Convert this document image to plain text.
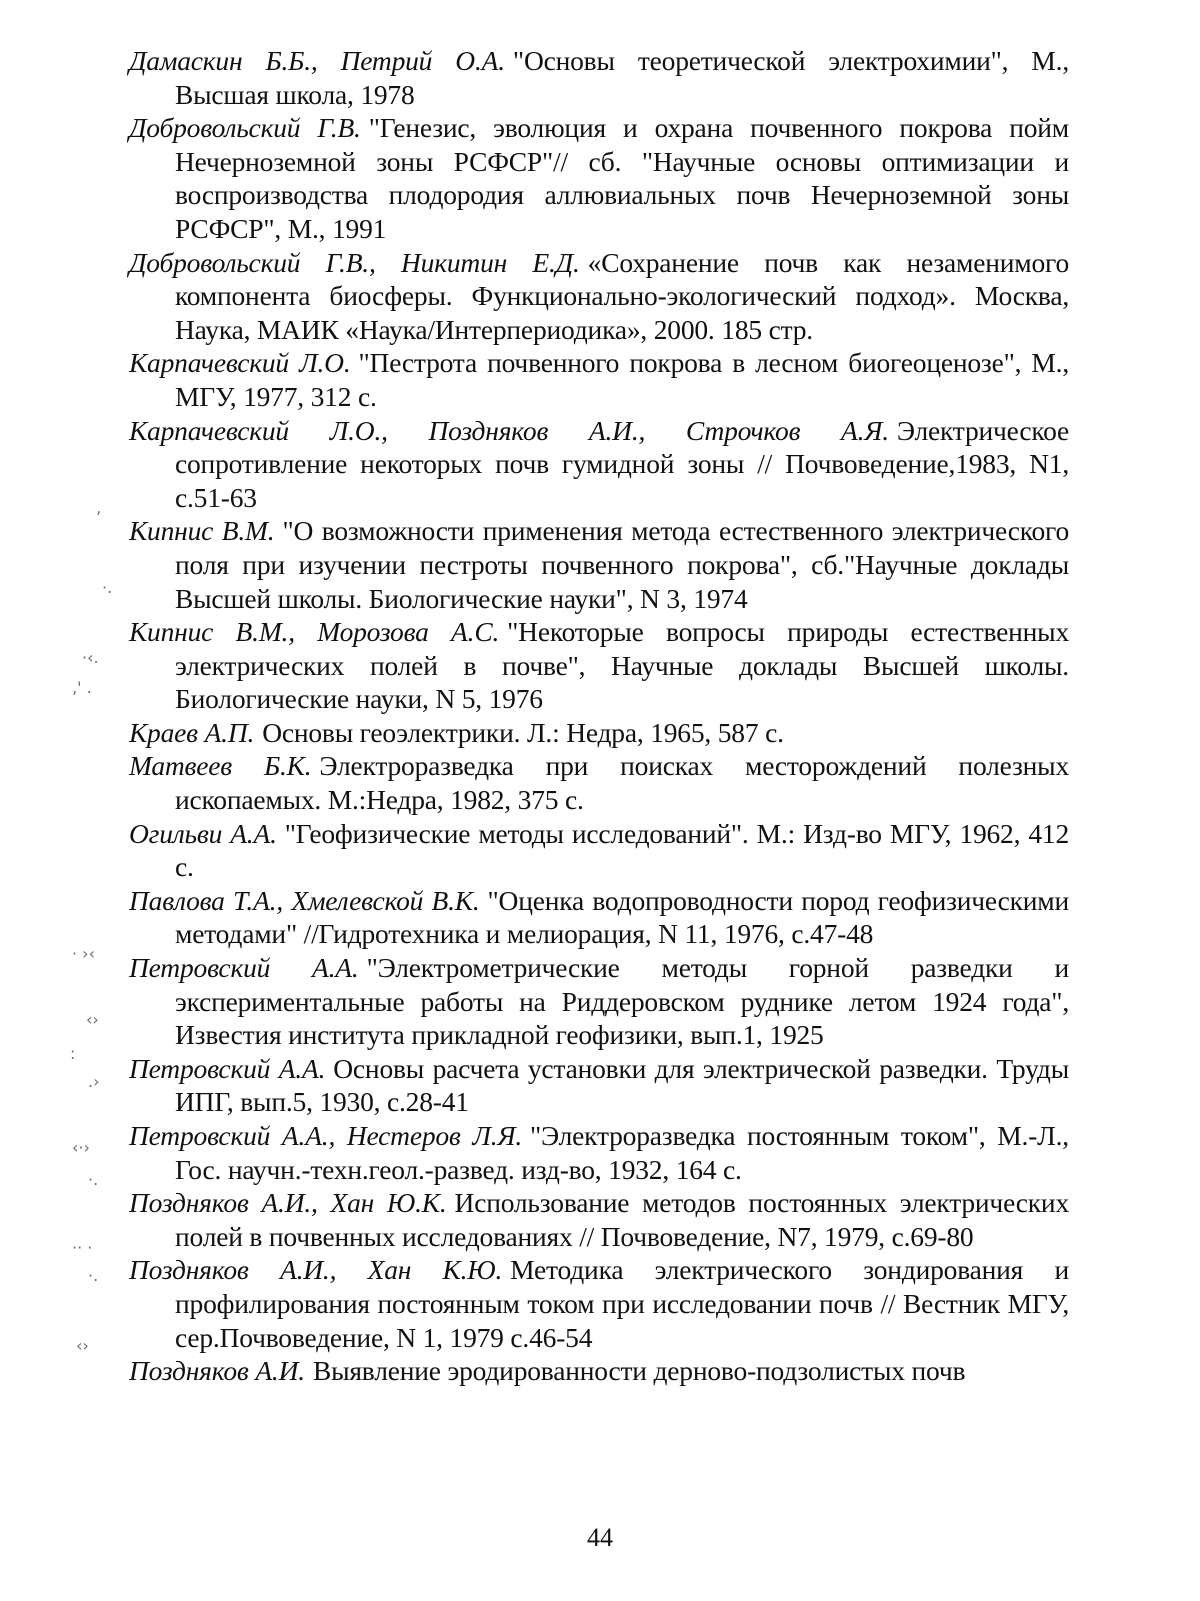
ʼ
·.
·‹.
‚' .
· ›‹
‹›
:
.›
‹·›
·.
·· ·
·.
‹›
Дамаскин Б.Б., Петрий О.А. "Основы теоретической электрохимии", М., Высшая школа, 1978
Добровольский Г.В. "Генезис, эволюция и охрана почвенного покрова пойм Нечерноземной зоны РСФСР"// сб. "Научные основы оптимизации и воспроизводства плодородия аллювиальных почв Нечерноземной зоны РСФСР", М., 1991
Добровольский Г.В., Никитин Е.Д. «Сохранение почв как незаменимого компонента биосферы. Функционально-экологический подход». Москва, Наука, МАИК «Наука/Интерпериодика», 2000. 185 стр.
Карпачевский Л.О. "Пестрота почвенного покрова в лесном биогеоценозе", М., МГУ, 1977, 312 с.
Карпачевский Л.О., Поздняков А.И., Строчков А.Я. Электрическое сопротивление некоторых почв гумидной зоны // Почвоведение,1983, N1, с.51-63
Кипнис В.М. "О возможности применения метода естественного электрического поля при изучении пестроты почвенного покрова", сб."Научные доклады Высшей школы. Биологические науки", N 3, 1974
Кипнис В.М., Морозова А.С. "Некоторые вопросы природы естественных электрических полей в почве", Научные доклады Высшей школы. Биологические науки, N 5, 1976
Краев А.П. Основы геоэлектрики. Л.: Недра, 1965, 587 с.
Матвеев Б.К. Электроразведка при поисках месторождений полезных ископаемых. М.:Недра, 1982, 375 с.
Огильви А.А. "Геофизические методы исследований". М.: Изд-во МГУ, 1962, 412 с.
Павлова Т.А., Хмелевской В.К. "Оценка водопроводности пород геофизическими методами" //Гидротехника и мелиорация, N 11, 1976, с.47-48
Петровский А.А. "Электрометрические методы горной разведки и экспериментальные работы на Риддеровском руднике летом 1924 года", Известия института прикладной геофизики, вып.1, 1925
Петровский А.А. Основы расчета установки для электрической разведки. Труды ИПГ, вып.5, 1930, с.28-41
Петровский А.А., Нестеров Л.Я. "Электроразведка постоянным током", М.-Л., Гос. научн.-техн.геол.-развед. изд-во, 1932, 164 с.
Поздняков А.И., Хан Ю.К. Использование методов постоянных электрических полей в почвенных исследованиях // Почвоведение, N7, 1979, с.69-80
Поздняков А.И., Хан К.Ю. Методика электрического зондирования и профилирования постоянным током при исследовании почв // Вестник МГУ, сер.Почвоведение, N 1, 1979 с.46-54
Поздняков А.И. Выявление эродированности дерново-подзолистых почв
44
